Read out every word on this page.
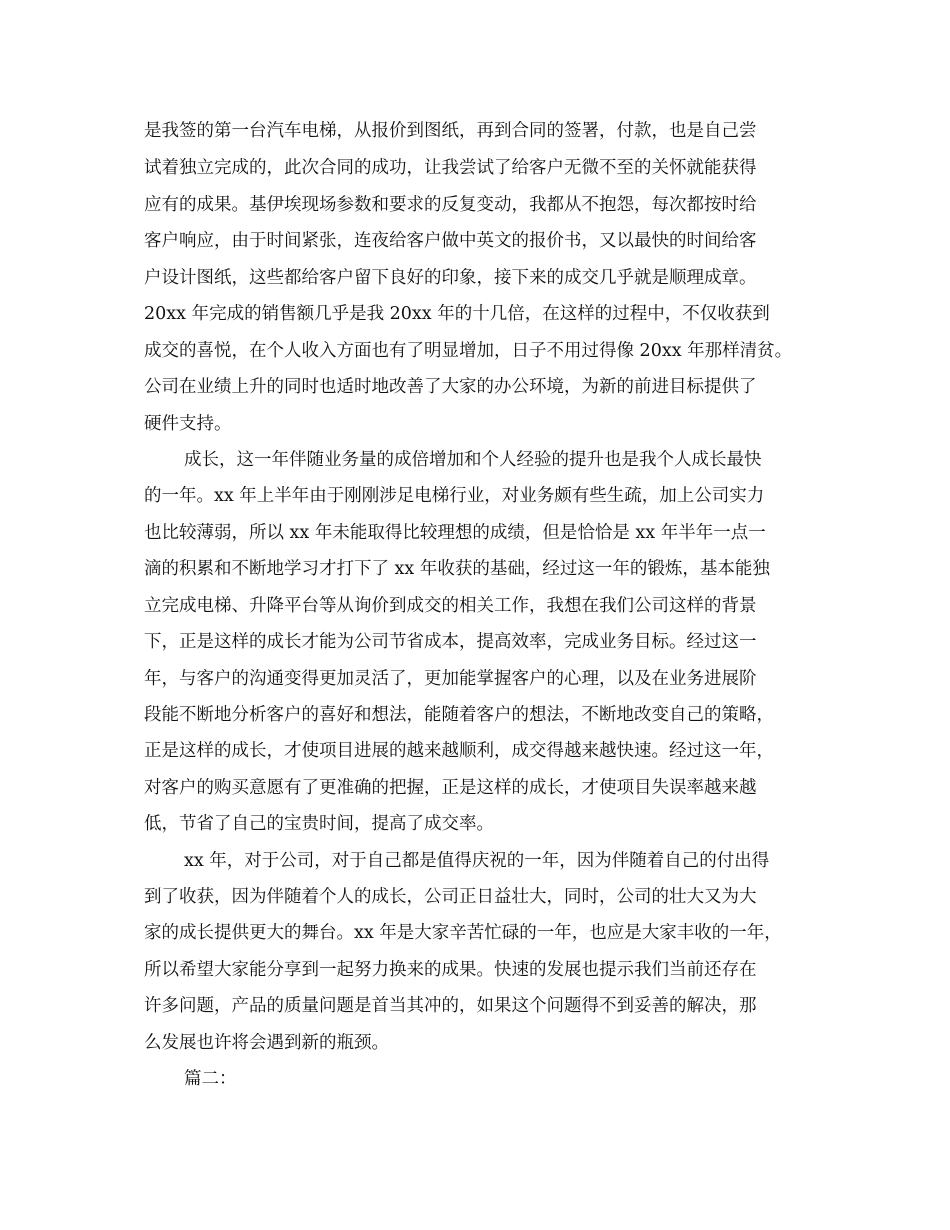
是我签的第一台汽车电梯，从报价到图纸，再到合同的签署，付款，也是自己尝
试着独立完成的，此次合同的成功，让我尝试了给客户无微不至的关怀就能获得
应有的成果。基伊埃现场参数和要求的反复变动，我都从不抱怨，每次都按时给
客户响应，由于时间紧张，连夜给客户做中英文的报价书，又以最快的时间给客
户设计图纸，这些都给客户留下良好的印象，接下来的成交几乎就是顺理成章。
20xx 年完成的销售额几乎是我 20xx 年的十几倍，在这样的过程中，不仅收获到
成交的喜悦，在个人收入方面也有了明显增加，日子不用过得像 20xx 年那样清贫。
公司在业绩上升的同时也适时地改善了大家的办公环境，为新的前进目标提供了
硬件支持。
成长，这一年伴随业务量的成倍增加和个人经验的提升也是我个人成长最快
的一年。xx 年上半年由于刚刚涉足电梯行业，对业务颇有些生疏，加上公司实力
也比较薄弱，所以 xx 年未能取得比较理想的成绩，但是恰恰是 xx 年半年一点一
滴的积累和不断地学习才打下了 xx 年收获的基础，经过这一年的锻炼，基本能独
立完成电梯、升降平台等从询价到成交的相关工作，我想在我们公司这样的背景
下，正是这样的成长才能为公司节省成本，提高效率，完成业务目标。经过这一
年，与客户的沟通变得更加灵活了，更加能掌握客户的心理，以及在业务进展阶
段能不断地分析客户的喜好和想法，能随着客户的想法，不断地改变自己的策略，
正是这样的成长，才使项目进展的越来越顺利，成交得越来越快速。经过这一年，
对客户的购买意愿有了更准确的把握，正是这样的成长，才使项目失误率越来越
低，节省了自己的宝贵时间，提高了成交率。
xx 年，对于公司，对于自己都是值得庆祝的一年，因为伴随着自己的付出得
到了收获，因为伴随着个人的成长，公司正日益壮大，同时，公司的壮大又为大
家的成长提供更大的舞台。xx 年是大家辛苦忙碌的一年，也应是大家丰收的一年，
所以希望大家能分享到一起努力换来的成果。快速的发展也提示我们当前还存在
许多问题，产品的质量问题是首当其冲的，如果这个问题得不到妥善的解决，那
么发展也许将会遇到新的瓶颈。
篇二：
